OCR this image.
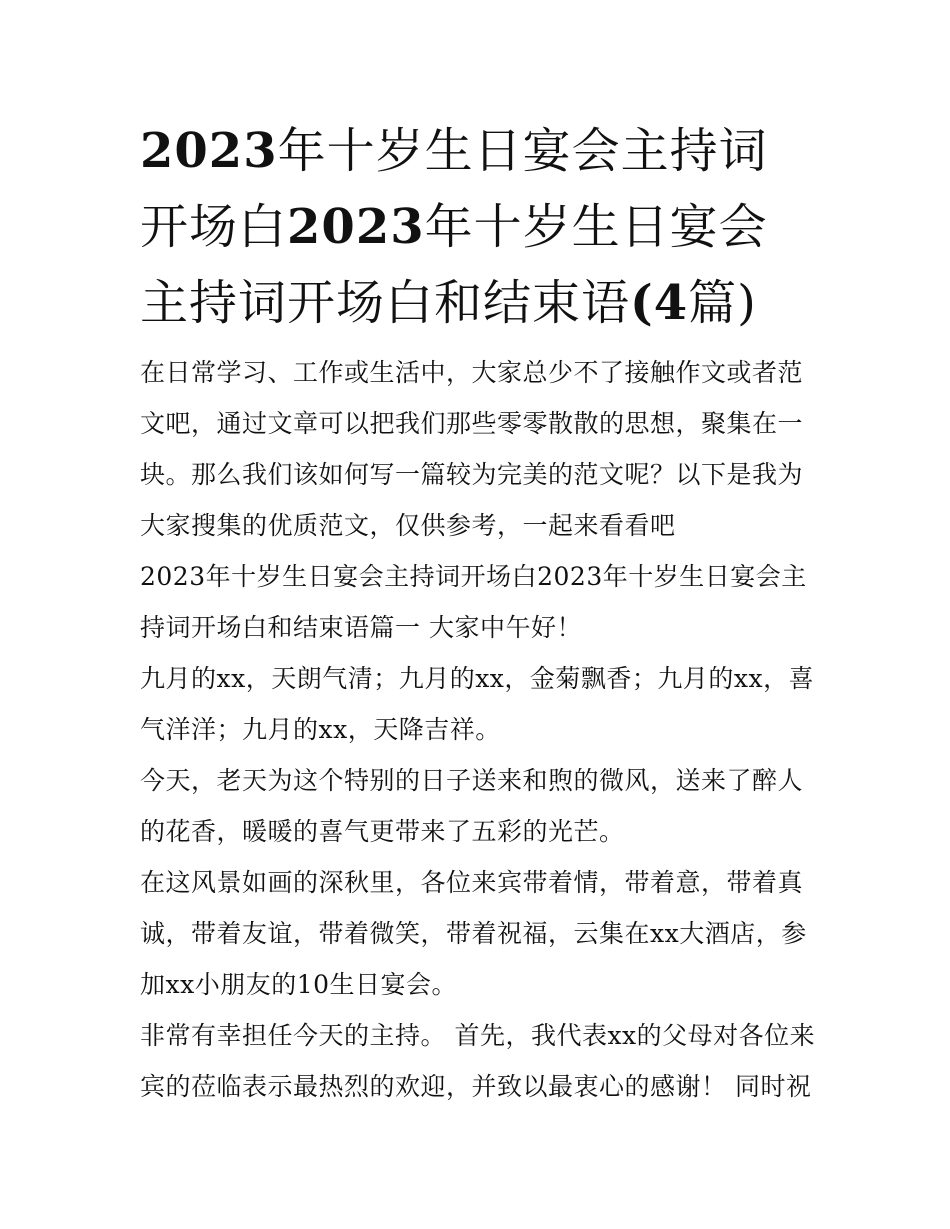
2023年十岁生日宴会主持词开场白2023年十岁生日宴会主持词开场白和结束语(4篇)

在日常学习、工作或生活中，大家总少不了接触作文或者范文吧，通过文章可以把我们那些零零散散的思想，聚集在一块。那么我们该如何写一篇较为完美的范文呢？以下是我为大家搜集的优质范文，仅供参考，一起来看看吧

2023年十岁生日宴会主持词开场白2023年十岁生日宴会主持词开场白和结束语篇一 大家中午好！

九月的xx，天朗气清；九月的xx，金菊飘香；九月的xx，喜气洋洋；九月的xx，天降吉祥。

今天，老天为这个特别的日子送来和煦的微风，送来了醉人的花香，暖暖的喜气更带来了五彩的光芒。

在这风景如画的深秋里，各位来宾带着情，带着意，带着真诚，带着友谊，带着微笑，带着祝福，云集在xx大酒店，参加xx小朋友的10生日宴会。

非常有幸担任今天的主持。 首先，我代表xx的父母对各位来宾的莅临表示最热烈的欢迎，并致以最衷心的感谢！ 同时祝
